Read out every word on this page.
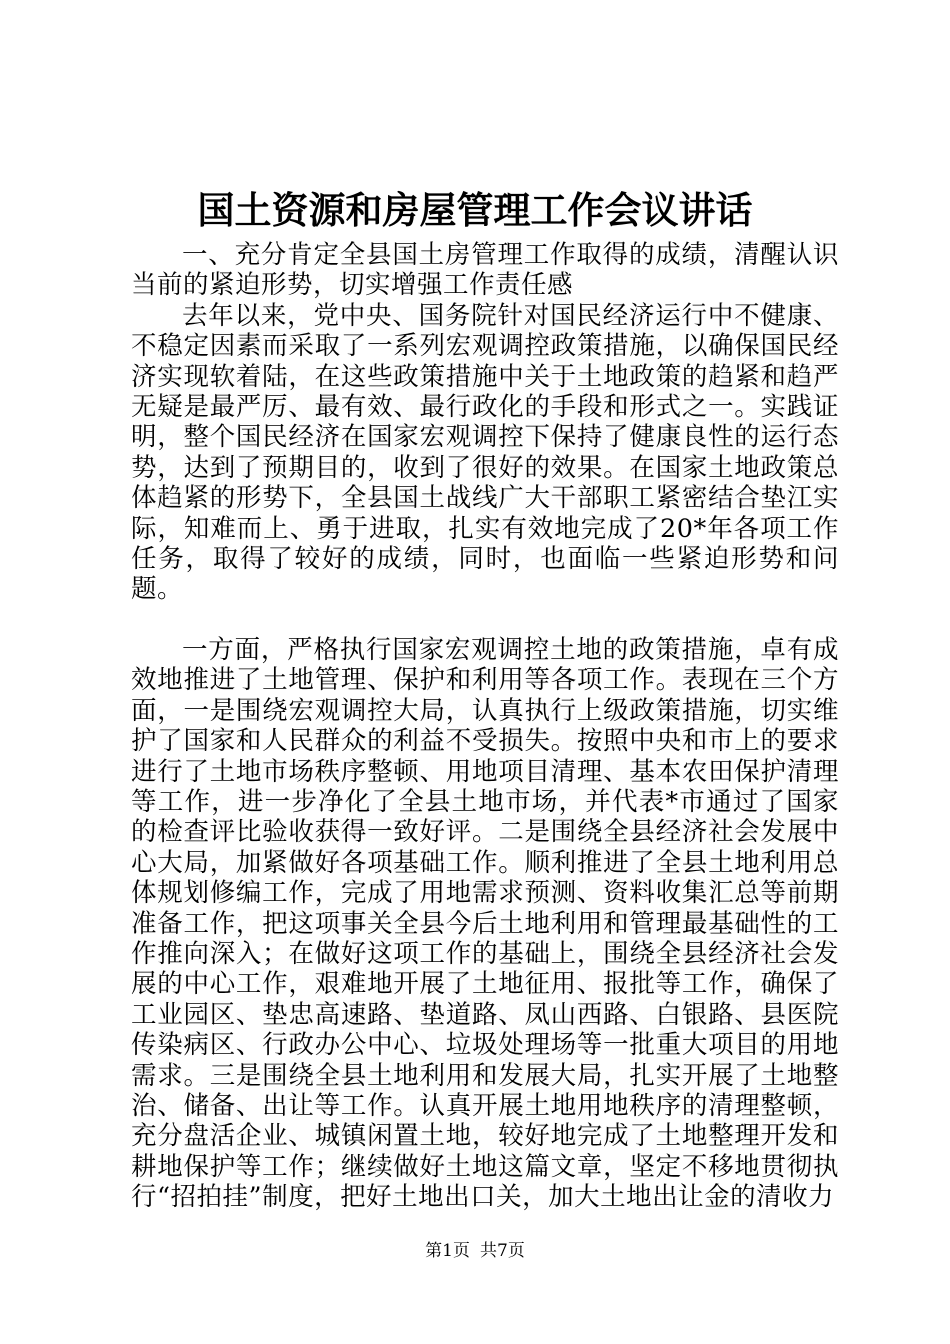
国土资源和房屋管理工作会议讲话

一、充分肯定全县国土房管理工作取得的成绩，清醒认识当前的紧迫形势，切实增强工作责任感

去年以来，党中央、国务院针对国民经济运行中不健康、不稳定因素而采取了一系列宏观调控政策措施，以确保国民经济实现软着陆，在这些政策措施中关于土地政策的趋紧和趋严无疑是最严厉、最有效、最行政化的手段和形式之一。实践证明，整个国民经济在国家宏观调控下保持了健康良性的运行态势，达到了预期目的，收到了很好的效果。在国家土地政策总体趋紧的形势下，全县国土战线广大干部职工紧密结合垫江实际，知难而上、勇于进取，扎实有效地完成了20*年各项工作任务，取得了较好的成绩，同时，也面临一些紧迫形势和问题。

一方面，严格执行国家宏观调控土地的政策措施，卓有成效地推进了土地管理、保护和利用等各项工作。表现在三个方面，一是围绕宏观调控大局，认真执行上级政策措施，切实维护了国家和人民群众的利益不受损失。按照中央和市上的要求进行了土地市场秩序整顿、用地项目清理、基本农田保护清理等工作，进一步净化了全县土地市场，并代表*市通过了国家的检查评比验收获得一致好评。二是围绕全县经济社会发展中心大局，加紧做好各项基础工作。顺利推进了全县土地利用总体规划修编工作，完成了用地需求预测、资料收集汇总等前期准备工作，把这项事关全县今后土地利用和管理最基础性的工作推向深入；在做好这项工作的基础上，围绕全县经济社会发展的中心工作，艰难地开展了土地征用、报批等工作，确保了工业园区、垫忠高速路、垫道路、凤山西路、白银路、县医院传染病区、行政办公中心、垃圾处理场等一批重大项目的用地需求。三是围绕全县土地利用和发展大局，扎实开展了土地整治、储备、出让等工作。认真开展土地用地秩序的清理整顿，充分盘活企业、城镇闲置土地，较好地完成了土地整理开发和耕地保护等工作；继续做好土地这篇文章，坚定不移地贯彻执行“招拍挂”制度，把好土地出口关，加大土地出让金的清收力

第1页 共7页
